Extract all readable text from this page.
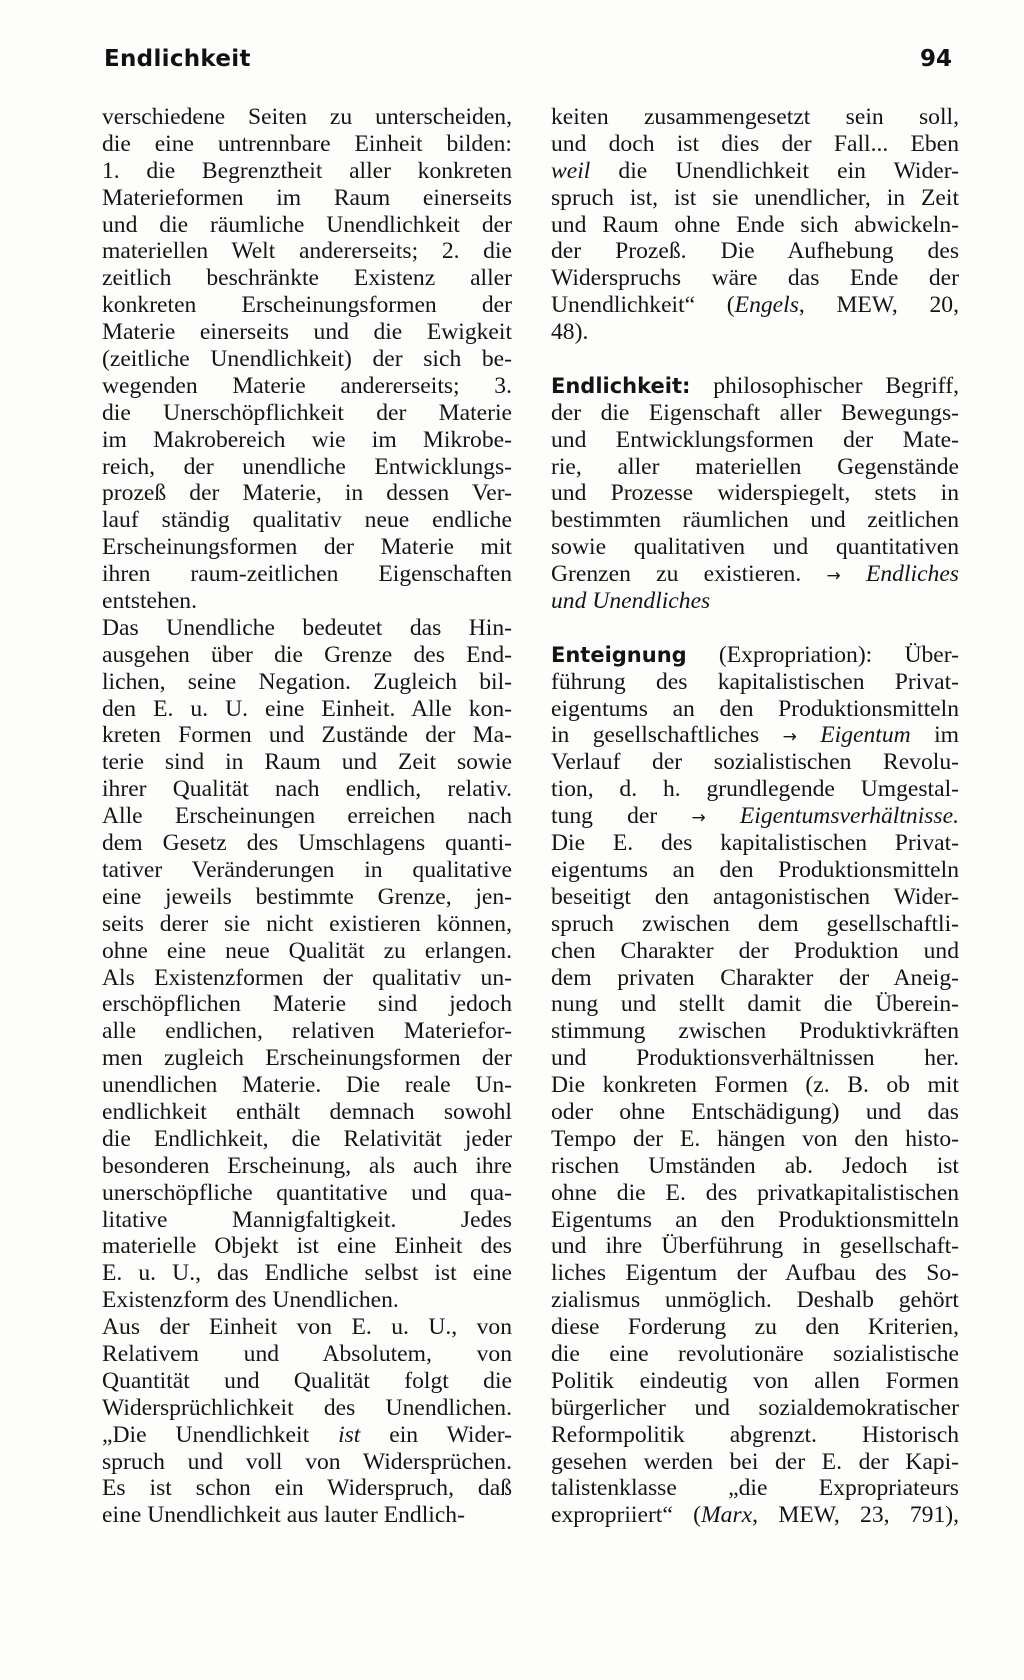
Endlichkeit	94
verschiedene Seiten zu unterscheiden,
die eine untrennbare Einheit bilden:
1. die Begrenztheit aller konkreten
Materieformen im Raum einerseits
und die räumliche Unendlichkeit der
materiellen Welt andererseits; 2. die
zeitlich beschränkte Existenz aller
konkreten Erscheinungsformen der
Materie einerseits und die Ewigkeit
(zeitliche Unendlichkeit) der sich be-
wegenden Materie andererseits; 3.
die Unerschöpflichkeit der Materie
im Makrobereich wie im Mikrobe-
reich, der unendliche Entwicklungs-
prozeß der Materie, in dessen Ver-
lauf ständig qualitativ neue endliche
Erscheinungsformen der Materie mit
ihren raum-zeitlichen Eigenschaften
entstehen.
Das Unendliche bedeutet das Hin-
ausgehen über die Grenze des End-
lichen, seine Negation. Zugleich bil-
den E. u. U. eine Einheit. Alle kon-
kreten Formen und Zustände der Ma-
terie sind in Raum und Zeit sowie
ihrer Qualität nach endlich, relativ.
Alle Erscheinungen erreichen nach
dem Gesetz des Umschlagens quanti-
tativer Veränderungen in qualitative
eine jeweils bestimmte Grenze, jen-
seits derer sie nicht existieren können,
ohne eine neue Qualität zu erlangen.
Als Existenzformen der qualitativ un-
erschöpflichen Materie sind jedoch
alle endlichen, relativen Materiefor-
men zugleich Erscheinungsformen der
unendlichen Materie. Die reale Un-
endlichkeit enthält demnach sowohl
die Endlichkeit, die Relativität jeder
besonderen Erscheinung, als auch ihre
unerschöpfliche quantitative und qua-
litative Mannigfaltigkeit. Jedes
materielle Objekt ist eine Einheit des
E. u. U., das Endliche selbst ist eine
Existenzform des Unendlichen.
Aus der Einheit von E. u. U., von
Relativem und Absolutem, von
Quantität und Qualität folgt die
Widersprüchlichkeit des Unendlichen.
„Die Unendlichkeit ist ein Wider-
spruch und voll von Widersprüchen.
Es ist schon ein Widerspruch, daß
eine Unendlichkeit aus lauter Endlich-
keiten zusammengesetzt sein soll,
und doch ist dies der Fall... Eben
weil die Unendlichkeit ein Wider-
spruch ist, ist sie unendlicher, in Zeit
und Raum ohne Ende sich abwickeln-
der Prozeß. Die Aufhebung des
Widerspruchs wäre das Ende der
Unendlichkeit“ (Engels, MEW, 20,
48).
Endlichkeit: philosophischer Begriff,
der die Eigenschaft aller Bewegungs-
und Entwicklungsformen der Mate-
rie, aller materiellen Gegenstände
und Prozesse widerspiegelt, stets in
bestimmten räumlichen und zeitlichen
sowie qualitativen und quantitativen
Grenzen zu existieren. → Endliches
und Unendliches
Enteignung (Expropriation): Über-
führung des kapitalistischen Privat-
eigentums an den Produktionsmitteln
in gesellschaftliches → Eigentum im
Verlauf der sozialistischen Revolu-
tion, d. h. grundlegende Umgestal-
tung der → Eigentumsverhältnisse.
Die E. des kapitalistischen Privat-
eigentums an den Produktionsmitteln
beseitigt den antagonistischen Wider-
spruch zwischen dem gesellschaftli-
chen Charakter der Produktion und
dem privaten Charakter der Aneig-
nung und stellt damit die Überein-
stimmung zwischen Produktivkräften
und Produktionsverhältnissen her.
Die konkreten Formen (z. B. ob mit
oder ohne Entschädigung) und das
Tempo der E. hängen von den histo-
rischen Umständen ab. Jedoch ist
ohne die E. des privatkapitalistischen
Eigentums an den Produktionsmitteln
und ihre Überführung in gesellschaft-
liches Eigentum der Aufbau des So-
zialismus unmöglich. Deshalb gehört
diese Forderung zu den Kriterien,
die eine revolutionäre sozialistische
Politik eindeutig von allen Formen
bürgerlicher und sozialdemokratischer
Reformpolitik abgrenzt. Historisch
gesehen werden bei der E. der Kapi-
talistenklasse „die Expropriateurs
expropriiert“ (Marx, MEW, 23, 791),
